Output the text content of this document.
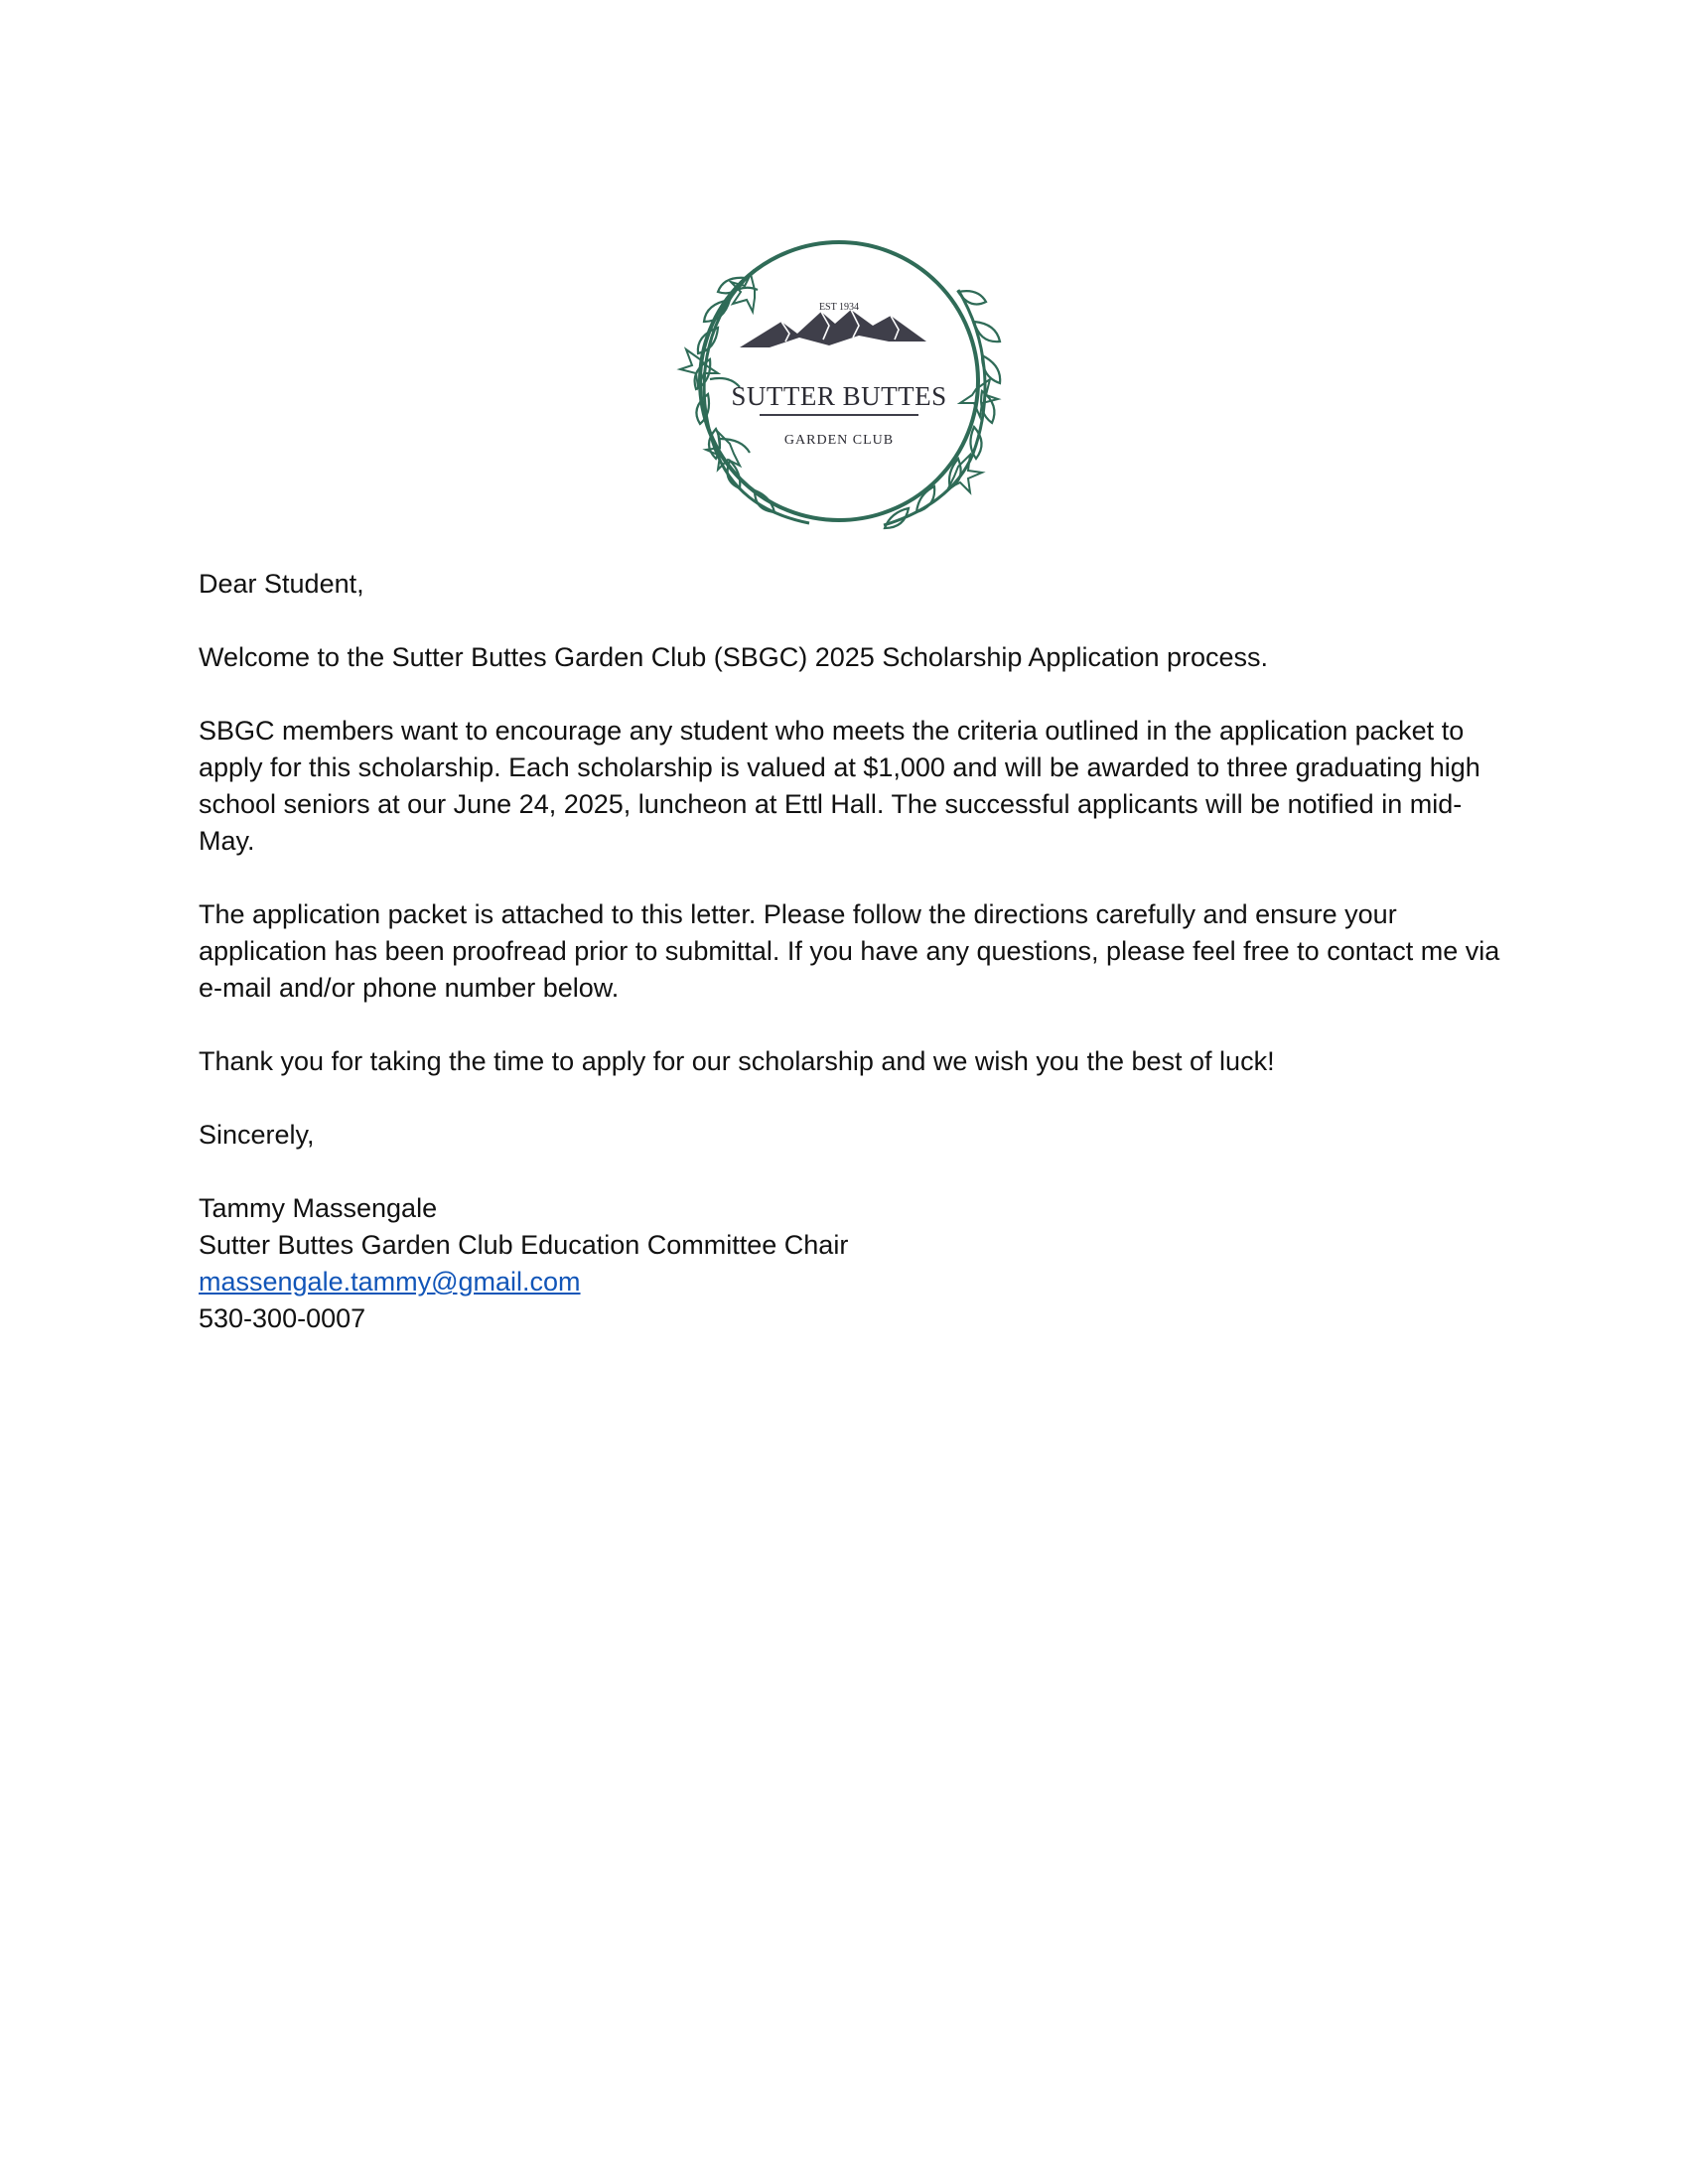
EST 1934
SUTTER BUTTES
GARDEN CLUB

Dear Student,

Welcome to the Sutter Buttes Garden Club (SBGC) 2025 Scholarship Application process.

SBGC members want to encourage any student who meets the criteria outlined in the application packet to apply for this scholarship. Each scholarship is valued at $1,000 and will be awarded to three graduating high school seniors at our June 24, 2025, luncheon at Ettl Hall. The successful applicants will be notified in mid-May.

The application packet is attached to this letter. Please follow the directions carefully and ensure your application has been proofread prior to submittal. If you have any questions, please feel free to contact me via e-mail and/or phone number below.

Thank you for taking the time to apply for our scholarship and we wish you the best of luck!

Sincerely,

Tammy Massengale
Sutter Buttes Garden Club Education Committee Chair
massengale.tammy@gmail.com
530-300-0007
